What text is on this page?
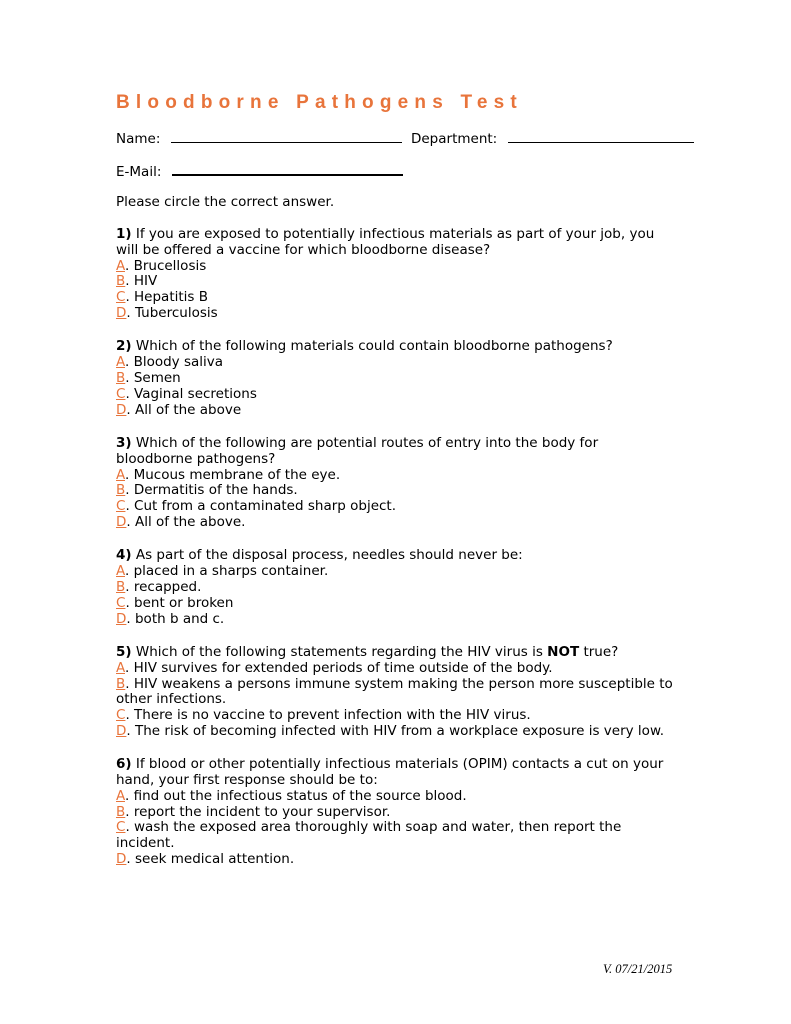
Bloodborne Pathogens Test
Name:	Department:
E-Mail:
Please circle the correct answer.

1) If you are exposed to potentially infectious materials as part of your job, you will be offered a vaccine for which bloodborne disease?

A. Brucellosis

B. HIV

C. Hepatitis B

D. Tuberculosis

2) Which of the following materials could contain bloodborne pathogens?

A. Bloody saliva

B. Semen

C. Vaginal secretions

D. All of the above

3) Which of the following are potential routes of entry into the body for bloodborne pathogens?

A. Mucous membrane of the eye.

B. Dermatitis of the hands.

C. Cut from a contaminated sharp object.

D. All of the above.

4) As part of the disposal process, needles should never be:

A. placed in a sharps container.

B. recapped.

C. bent or broken

D. both b and c.

5) Which of the following statements regarding the HIV virus is NOT true?

A. HIV survives for extended periods of time outside of the body.

B. HIV weakens a persons immune system making the person more susceptible to other infections.

C. There is no vaccine to prevent infection with the HIV virus.

D. The risk of becoming infected with HIV from a workplace exposure is very low.

6) If blood or other potentially infectious materials (OPIM) contacts a cut on your hand, your first response should be to:

A. find out the infectious status of the source blood.

B. report the incident to your supervisor.

C. wash the exposed area thoroughly with soap and water, then report the incident.

D. seek medical attention.

V. 07/21/2015
